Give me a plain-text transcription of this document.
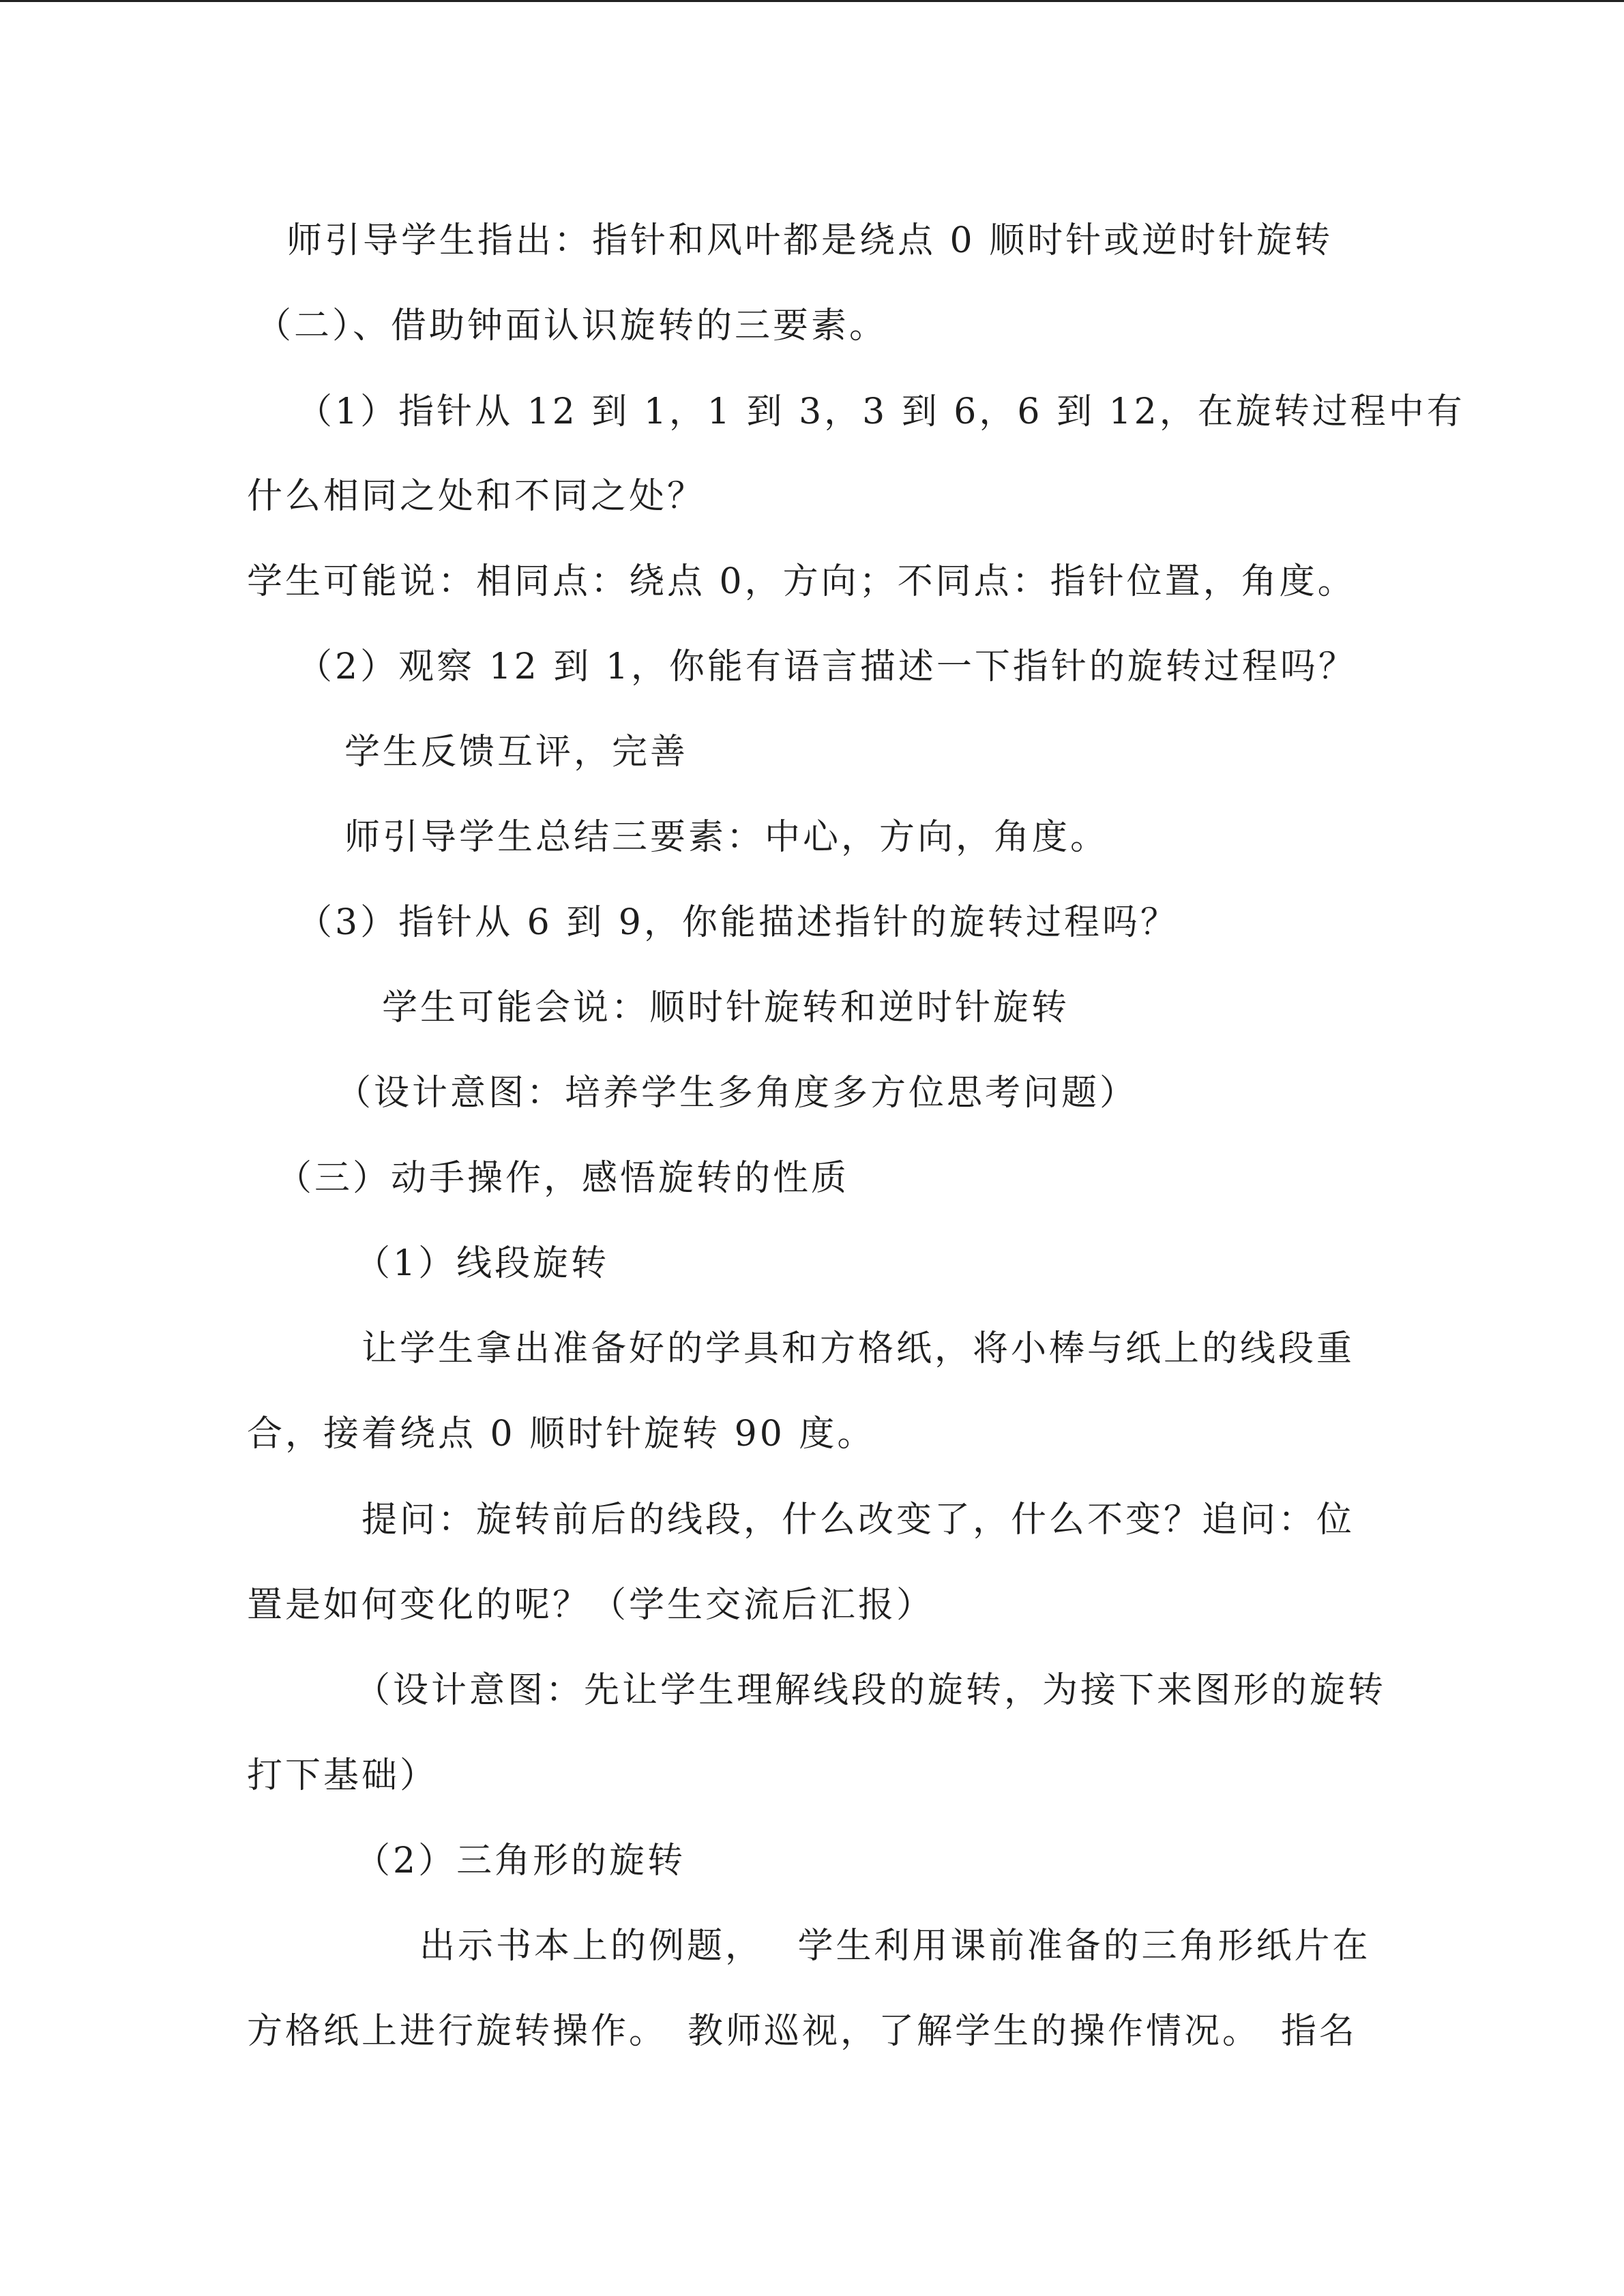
师引导学生指出：指针和风叶都是绕点 0 顺时针或逆时针旋转
（二）、借助钟面认识旋转的三要素。
（1）指针从 12 到 1，1 到 3，3 到 6，6 到 12，在旋转过程中有
什么相同之处和不同之处？
学生可能说：相同点：绕点 0，方向；不同点：指针位置，角度。
（2）观察 12 到 1，你能有语言描述一下指针的旋转过程吗？
学生反馈互评，完善
师引导学生总结三要素：中心，方向，角度。
（3）指针从 6 到 9，你能描述指针的旋转过程吗？
学生可能会说：顺时针旋转和逆时针旋转
（设计意图：培养学生多角度多方位思考问题）
（三）动手操作，感悟旋转的性质
（1）线段旋转
让学生拿出准备好的学具和方格纸，将小棒与纸上的线段重
合，接着绕点 0 顺时针旋转 90 度。
提问：旋转前后的线段，什么改变了，什么不变？追问：位
置是如何变化的呢？（学生交流后汇报）
（设计意图：先让学生理解线段的旋转，为接下来图形的旋转
打下基础）
（2）三角形的旋转
出示书本上的例题，　 学生利用课前准备的三角形纸片在
方格纸上进行旋转操作。　教师巡视，了解学生的操作情况。　指名
